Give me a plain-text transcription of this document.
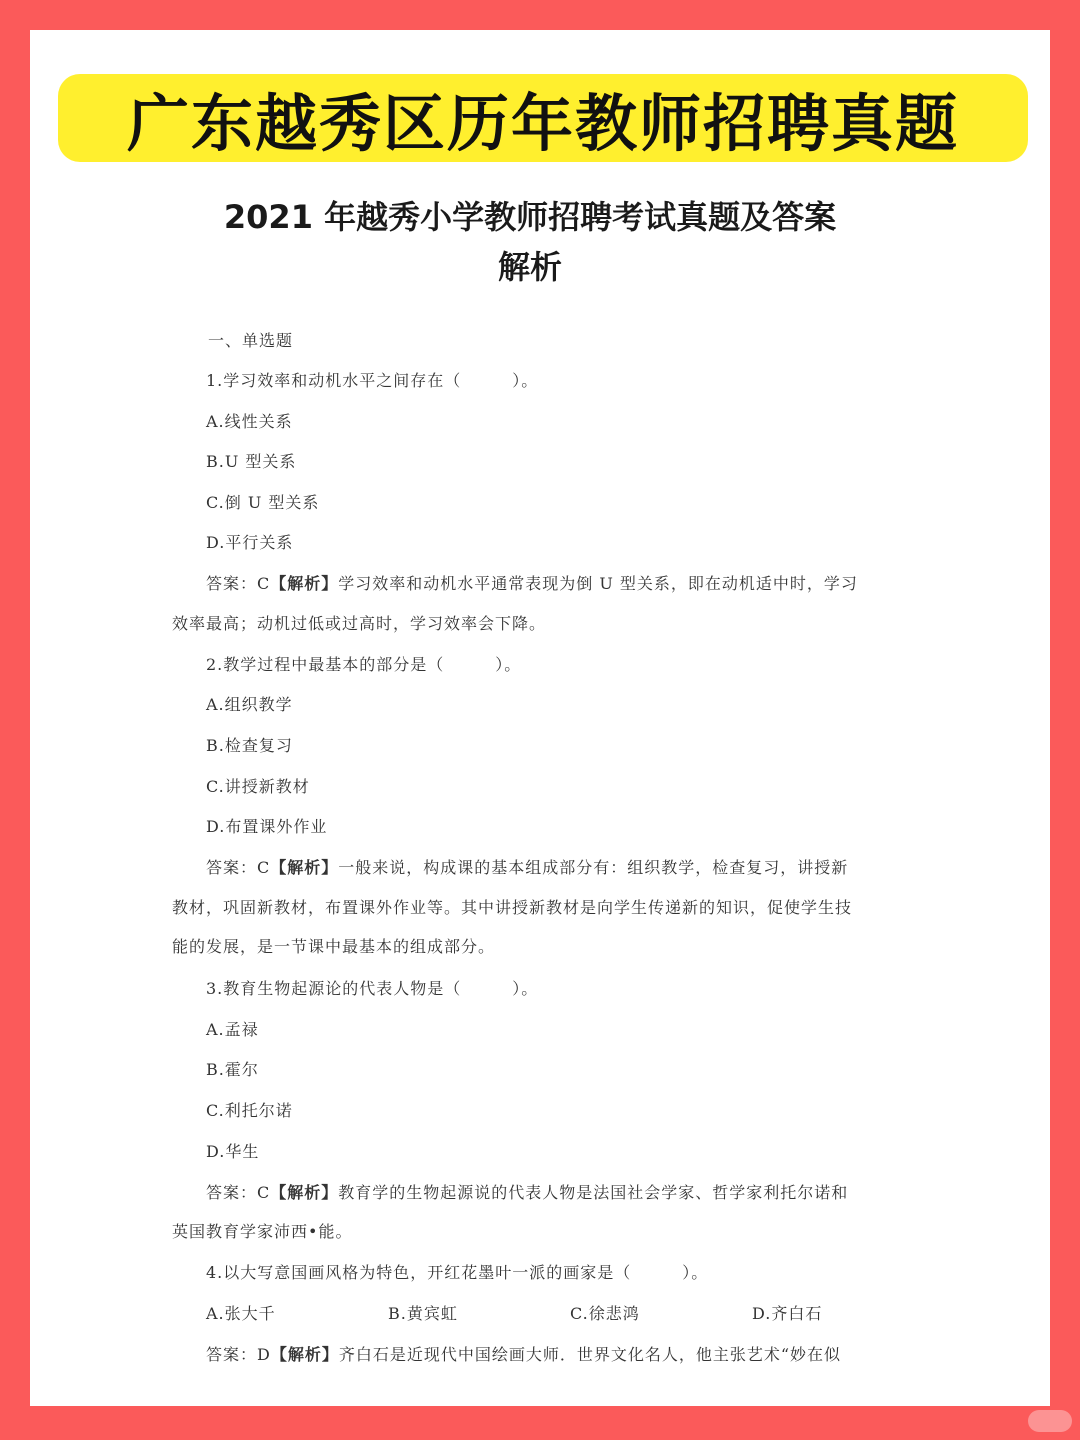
广东越秀区历年教师招聘真题
2021 年越秀小学教师招聘考试真题及答案
解析
一、单选题
1.学习效率和动机水平之间存在（　　　）。
A.线性关系
B.U 型关系
C.倒 U 型关系
D.平行关系
答案：C【解析】学习效率和动机水平通常表现为倒 U 型关系，即在动机适中时，学习
效率最高；动机过低或过高时，学习效率会下降。
2.教学过程中最基本的部分是（　　　）。
A.组织教学
B.检查复习
C.讲授新教材
D.布置课外作业
答案：C【解析】一般来说，构成课的基本组成部分有：组织教学，检查复习，讲授新
教材，巩固新教材，布置课外作业等。其中讲授新教材是向学生传递新的知识，促使学生技
能的发展，是一节课中最基本的组成部分。
3.教育生物起源论的代表人物是（　　　）。
A.孟禄
B.霍尔
C.利托尔诺
D.华生
答案：C【解析】教育学的生物起源说的代表人物是法国社会学家、哲学家利托尔诺和
英国教育学家沛西•能。
4.以大写意国画风格为特色，开红花墨叶一派的画家是（　　　）。
A.张大千	B.黄宾虹	C.徐悲鸿	D.齐白石
答案：D【解析】齐白石是近现代中国绘画大师．世界文化名人，他主张艺术“妙在似
